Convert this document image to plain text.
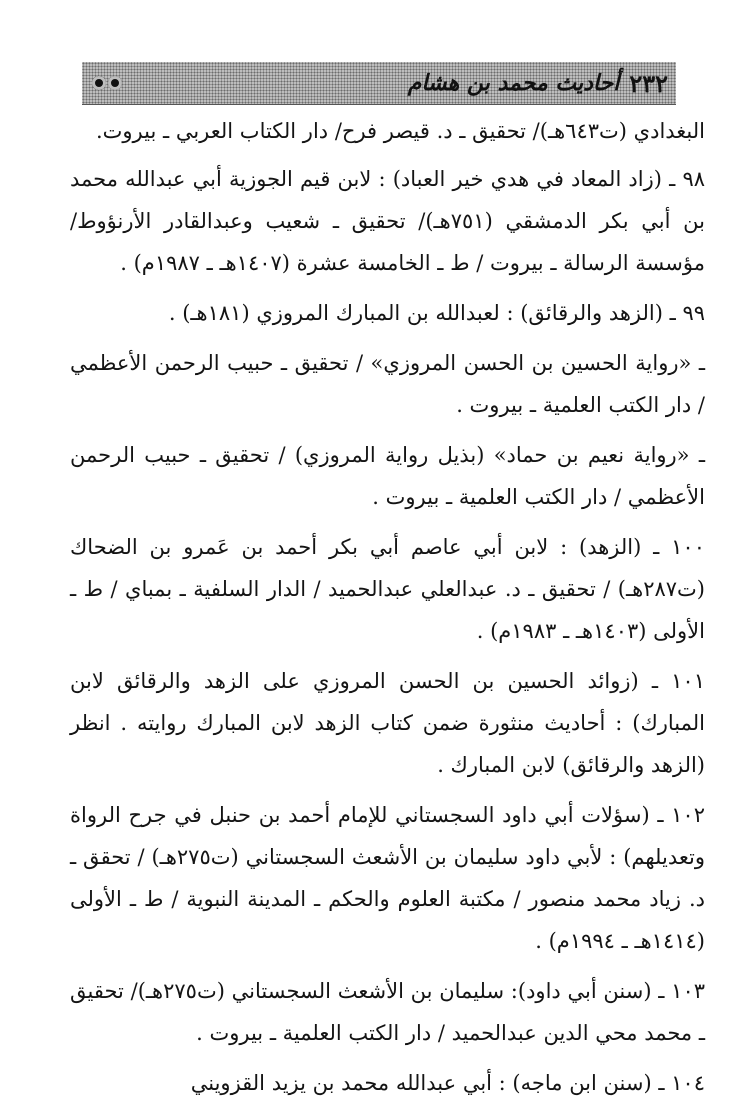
٢٣٢
أحاديث محمد بن هشام

البغدادي (ت٦٤٣هـ)/ تحقيق ـ د. قيصر فرح/ دار الكتاب العربي ـ بيروت.

٩٨ ـ (زاد المعاد في هدي خير العباد) : لابن قيم الجوزية أبي عبدالله محمد بن أبي بكر الدمشقي (٧٥١هـ)/ تحقيق ـ شعيب وعبدالقادر الأرنؤوط/ مؤسسة الرسالة ـ بيروت / ط ـ الخامسة عشرة (١٤٠٧هـ ـ ١٩٨٧م) .

٩٩ ـ (الزهد والرقائق) : لعبدالله بن المبارك المروزي (١٨١هـ) .

ـ «رواية الحسين بن الحسن المروزي» / تحقيق ـ حبيب الرحمن الأعظمي / دار الكتب العلمية ـ بيروت .

ـ «رواية نعيم بن حماد» (بذيل رواية المروزي) / تحقيق ـ حبيب الرحمن الأعظمي / دار الكتب العلمية ـ بيروت .

١٠٠ ـ (الزهد) : لابن أبي عاصم أبي بكر أحمد بن عَمرو بن الضحاك (ت٢٨٧هـ) / تحقيق ـ د. عبدالعلي عبدالحميد / الدار السلفية ـ بمباي / ط ـ الأولى (١٤٠٣هـ ـ ١٩٨٣م) .

١٠١ ـ (زوائد الحسين بن الحسن المروزي على الزهد والرقائق لابن المبارك) : أحاديث منثورة ضمن كتاب الزهد لابن المبارك روايته . انظر (الزهد والرقائق) لابن المبارك .

١٠٢ ـ (سؤلات أبي داود السجستاني للإمام أحمد بن حنبل في جرح الرواة وتعديلهم) : لأبي داود سليمان بن الأشعث السجستاني (ت٢٧٥هـ) / تحقق ـ د. زياد محمد منصور / مكتبة العلوم والحكم ـ المدينة النبوية / ط ـ الأولى (١٤١٤هـ ـ ١٩٩٤م) .

١٠٣ ـ (سنن أبي داود): سليمان بن الأشعث السجستاني (ت٢٧٥هـ)/ تحقيق ـ محمد محي الدين عبدالحميد / دار الكتب العلمية ـ بيروت .

١٠٤ ـ (سنن ابن ماجه) : أبي عبدالله محمد بن يزيد القزويني
